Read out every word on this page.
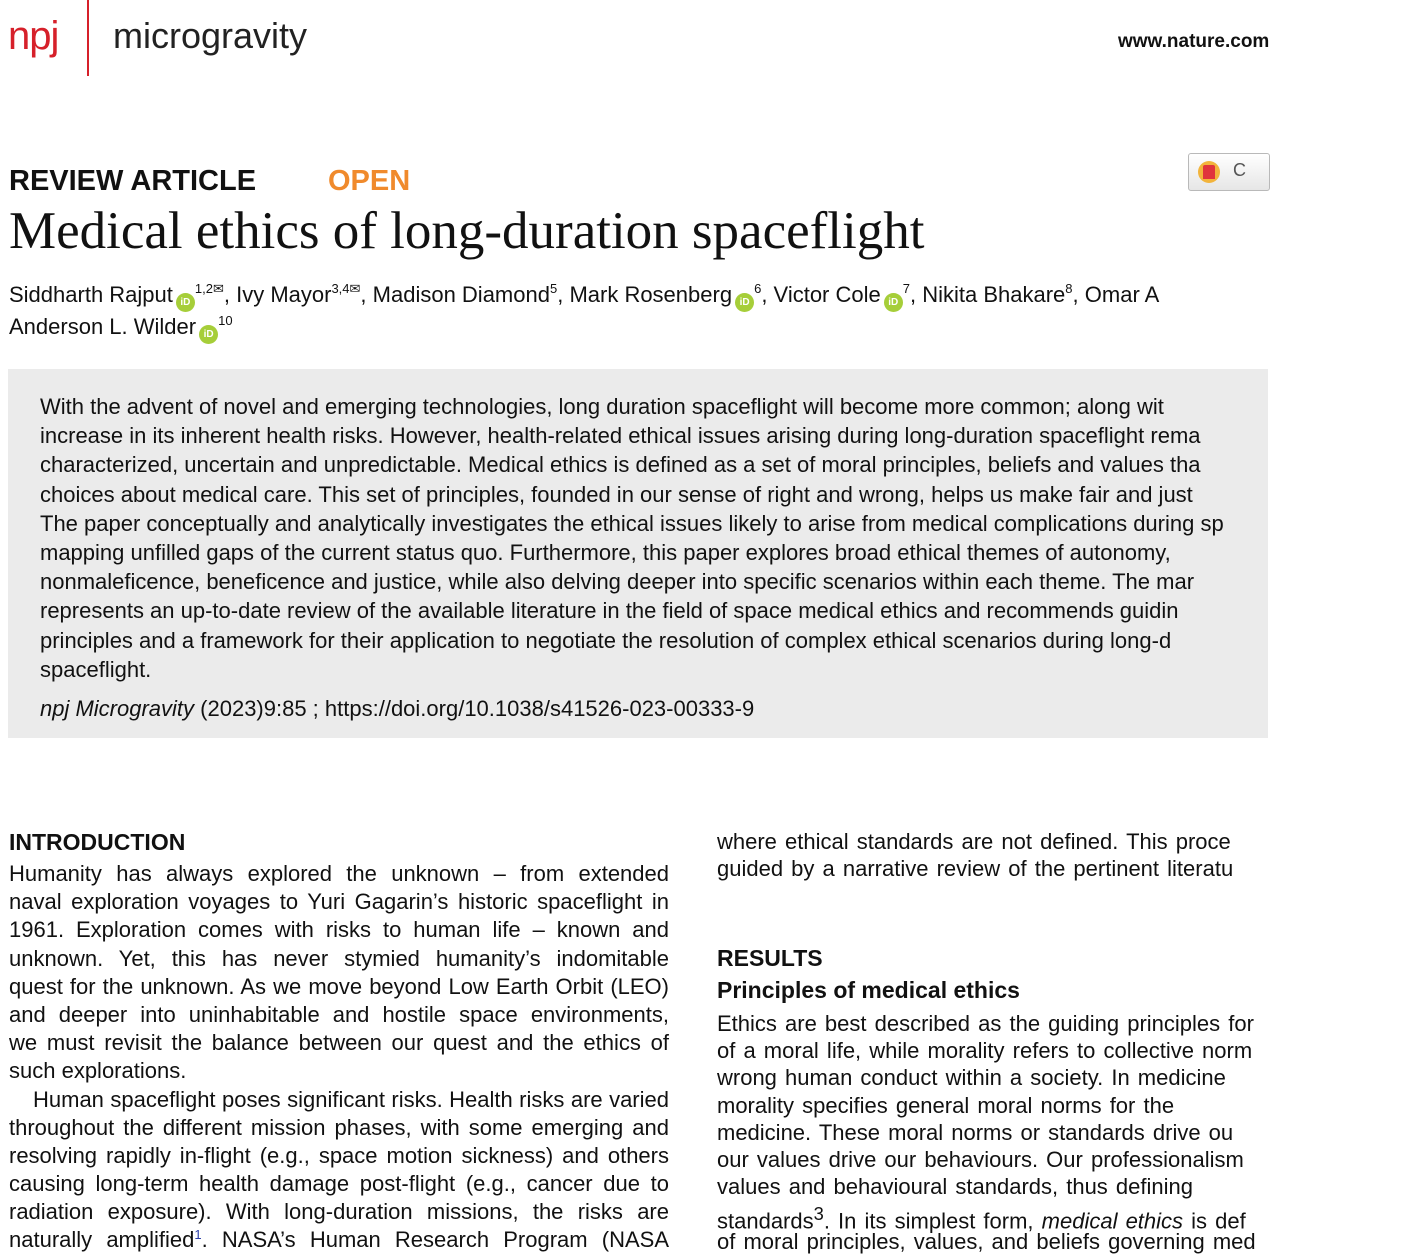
npj microgravity	www.nature.com
C
REVIEW ARTICLE OPEN
Medical ethics of long-duration spaceflight
Siddharth Rajput $iD^{1,2✉}$, Ivy Mayor$^{3,4✉}$, Madison Diamond$^5$, Mark Rosenberg $iD^6$, Victor Cole $iD^7$, Nikita Bhakare$^8$, Omar A
Anderson L. Wilder $iD^{10}$
With the advent of novel and emerging technologies, long duration spaceflight will become more common; along wit
increase in its inherent health risks. However, health-related ethical issues arising during long-duration spaceflight rema
characterized, uncertain and unpredictable. Medical ethics is defined as a set of moral principles, beliefs and values tha
choices about medical care. This set of principles, founded in our sense of right and wrong, helps us make fair and just
The paper conceptually and analytically investigates the ethical issues likely to arise from medical complications during sp
mapping unfilled gaps of the current status quo. Furthermore, this paper explores broad ethical themes of autonomy,
nonmaleficence, beneficence and justice, while also delving deeper into specific scenarios within each theme. The mar
represents an up-to-date review of the available literature in the field of space medical ethics and recommends guidin
principles and a framework for their application to negotiate the resolution of complex ethical scenarios during long-d
spaceflight.
npj Microgravity (2023)9:85 ; https://doi.org/10.1038/s41526-023-00333-9
INTRODUCTION
Humanity has always explored the unknown – from extended
naval exploration voyages to Yuri Gagarin’s historic spaceflight in
1961. Exploration comes with risks to human life – known and
unknown. Yet, this has never stymied humanity’s indomitable
quest for the unknown. As we move beyond Low Earth Orbit (LEO)
and deeper into uninhabitable and hostile space environments,
we must revisit the balance between our quest and the ethics of
such explorations.
Human spaceflight poses significant risks. Health risks are varied
throughout the different mission phases, with some emerging and
resolving rapidly in-flight (e.g., space motion sickness) and others
causing long-term health damage post-flight (e.g., cancer due to
radiation exposure). With long-duration missions, the risks are
naturally amplified$^1$. NASA’s Human Research Program (NASA
where ethical standards are not defined. This proce
guided by a narrative review of the pertinent literatu
RESULTS
Principles of medical ethics
Ethics are best described as the guiding principles for
of a moral life, while morality refers to collective norm
wrong human conduct within a society. In medicine
morality specifies general moral norms for the
medicine. These moral norms or standards drive ou
our values drive our behaviours. Our professionalism
values and behavioural standards, thus defining
standards$^3$. In its simplest form, medical ethics is def
of moral principles, values, and beliefs governing med
